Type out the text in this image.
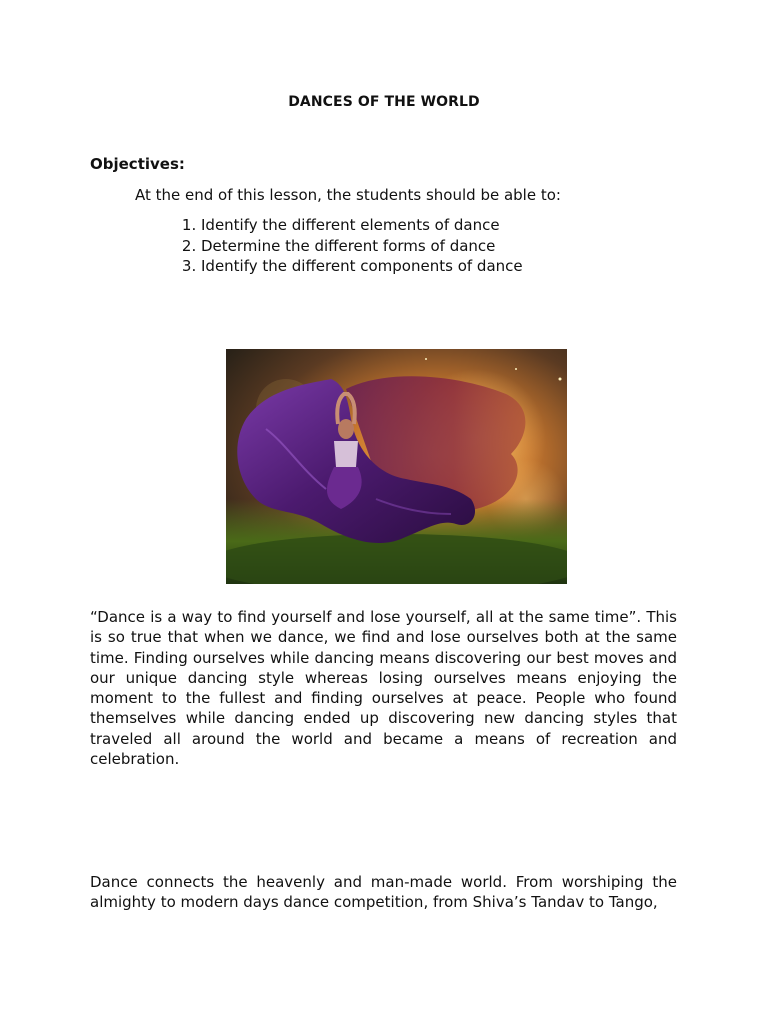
DANCES OF THE WORLD
Objectives:
At the end of this lesson, the students should be able to:
1. Identify the different elements of dance
2. Determine the different forms of dance
3. Identify the different components of dance

“Dance is a way to find yourself and lose yourself, all at the same time”. This is so true that when we dance, we find and lose ourselves both at the same time. Finding ourselves while dancing means discovering our best moves and our unique dancing style whereas losing ourselves means enjoying the moment to the fullest and finding ourselves at peace. People who found themselves while dancing ended up discovering new dancing styles that traveled all around the world and became a means of recreation and celebration.

Dance connects the heavenly and man-made world. From worshiping the almighty to modern days dance competition, from Shiva’s Tandav to Tango,
